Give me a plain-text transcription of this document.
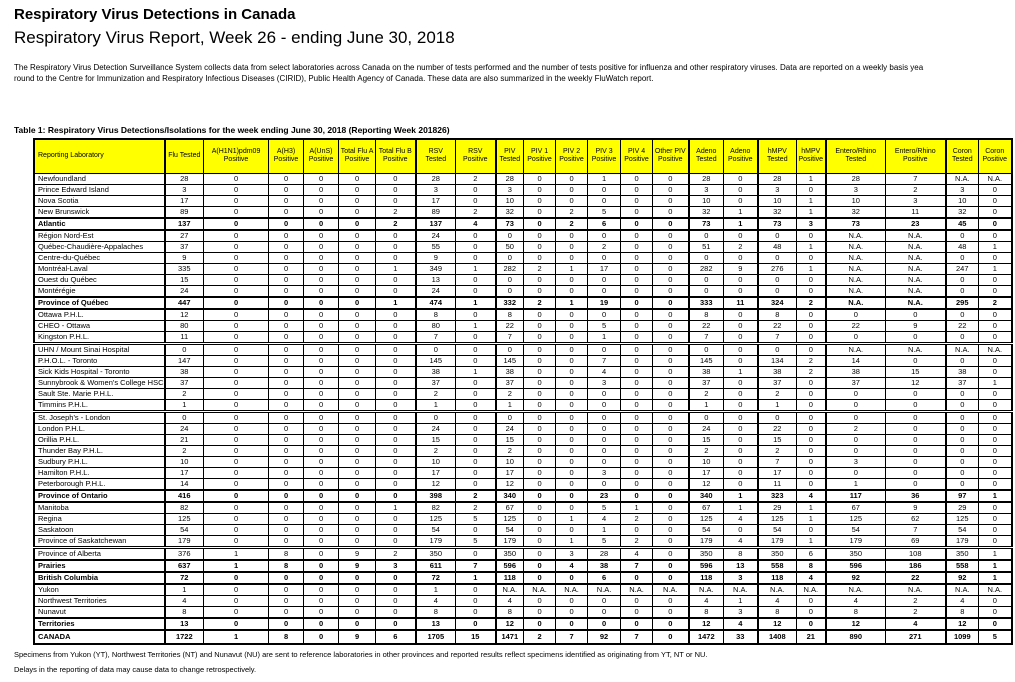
Respiratory Virus Detections in Canada
Respiratory Virus Report, Week 26 - ending June 30, 2018
The Respiratory Virus Detection Surveillance System collects data from select laboratories across Canada on the number of tests performed and the number of tests positive for influenza and other respiratory viruses. Data are reported on a weekly basis yea
round to the Centre for Immunization and Respiratory Infectious Diseases (CIRID), Public Health Agency of Canada. These data are also summarized in the weekly FluWatch report.
Table 1: Respiratory Virus Detections/Isolations for the week ending June 30, 2018 (Reporting Week 201826)
Reporting Laboratory	Flu Tested	A(H1N1)pdm09 Positive	A(H3) Positive	A(UnS) Positive	Total Flu A Positive	Total Flu B Positive	RSV Tested	RSV Positive	PIV Tested	PIV 1 Positive	PIV 2 Positive	PIV 3 Positive	PIV 4 Positive	Other PIV Positive	Adeno Tested	Adeno Positive	hMPV Tested	hMPV Positive	Entero/Rhino Tested	Entero/Rhino Positive	Coron Tested	Coron Positive
Newfoundland	28	0	0	0	0	0	28	2	28	0	0	1	0	0	28	0	28	1	28	7	N.A.	N.A.
Prince Edward Island	3	0	0	0	0	0	3	0	3	0	0	0	0	0	3	0	3	0	3	2	3	0
Nova Scotia	17	0	0	0	0	0	17	0	10	0	0	0	0	0	10	0	10	1	10	3	10	0
New Brunswick	89	0	0	0	0	2	89	2	32	0	2	5	0	0	32	1	32	1	32	11	32	0
Atlantic	137	0	0	0	0	2	137	4	73	0	2	6	0	0	73	1	73	3	73	23	45	0
Région Nord-Est	27	0	0	0	0	0	24	0	0	0	0	0	0	0	0	0	0	0	N.A.	N.A.	0	0
Québec-Chaudière-Appalaches	37	0	0	0	0	0	55	0	50	0	0	2	0	0	51	2	48	1	N.A.	N.A.	48	1
Centre-du-Québec	9	0	0	0	0	0	9	0	0	0	0	0	0	0	0	0	0	0	N.A.	N.A.	0	0
Montréal-Laval	335	0	0	0	0	1	349	1	282	2	1	17	0	0	282	9	276	1	N.A.	N.A.	247	1
Ouest du Québec	15	0	0	0	0	0	13	0	0	0	0	0	0	0	0	0	0	0	N.A.	N.A.	0	0
Montérégie	24	0	0	0	0	0	24	0	0	0	0	0	0	0	0	0	0	0	N.A.	N.A.	0	0
Province of Québec	447	0	0	0	0	1	474	1	332	2	1	19	0	0	333	11	324	2	N.A.	N.A.	295	2
Ottawa P.H.L.	12	0	0	0	0	0	8	0	8	0	0	0	0	0	8	0	8	0	0	0	0	0
CHEO - Ottawa	80	0	0	0	0	0	80	1	22	0	0	5	0	0	22	0	22	0	22	9	22	0
Kingston P.H.L.	11	0	0	0	0	0	7	0	7	0	0	1	0	0	7	0	7	0	0	0	0	0
UHN / Mount Sinai Hospital	0	0	0	0	0	0	0	0	0	0	0	0	0	0	0	0	0	0	N.A.	N.A.	N.A.	N.A.
P.H.O.L. - Toronto	147	0	0	0	0	0	145	0	145	0	0	7	0	0	145	0	134	2	14	0	0	0
Sick Kids Hospital - Toronto	38	0	0	0	0	0	38	1	38	0	0	4	0	0	38	1	38	2	38	15	38	0
Sunnybrook & Women's College HSC	37	0	0	0	0	0	37	0	37	0	0	3	0	0	37	0	37	0	37	12	37	1
Sault Ste. Marie P.H.L.	2	0	0	0	0	0	2	0	2	0	0	0	0	0	2	0	2	0	0	0	0	0
Timmins P.H.L.	1	0	0	0	0	0	1	0	1	0	0	0	0	0	1	0	1	0	0	0	0	0
St. Joseph's - London	0	0	0	0	0	0	0	0	0	0	0	0	0	0	0	0	0	0	0	0	0	0
London P.H.L.	24	0	0	0	0	0	24	0	24	0	0	0	0	0	24	0	22	0	2	0	0	0
Orillia P.H.L.	21	0	0	0	0	0	15	0	15	0	0	0	0	0	15	0	15	0	0	0	0	0
Thunder Bay P.H.L.	2	0	0	0	0	0	2	0	2	0	0	0	0	0	2	0	2	0	0	0	0	0
Sudbury P.H.L.	10	0	0	0	0	0	10	0	10	0	0	0	0	0	10	0	7	0	3	0	0	0
Hamilton P.H.L.	17	0	0	0	0	0	17	0	17	0	0	3	0	0	17	0	17	0	0	0	0	0
Peterborough P.H.L.	14	0	0	0	0	0	12	0	12	0	0	0	0	0	12	0	11	0	1	0	0	0
Province of Ontario	416	0	0	0	0	0	398	2	340	0	0	23	0	0	340	1	323	4	117	36	97	1
Manitoba	82	0	0	0	0	1	82	2	67	0	0	5	1	0	67	1	29	1	67	9	29	0
Regina	125	0	0	0	0	0	125	5	125	0	1	4	2	0	125	4	125	1	125	62	125	0
Saskatoon	54	0	0	0	0	0	54	0	54	0	0	1	0	0	54	0	54	0	54	7	54	0
Province of Saskatchewan	179	0	0	0	0	0	179	5	179	0	1	5	2	0	179	4	179	1	179	69	179	0
Province of Alberta	376	1	8	0	9	2	350	0	350	0	3	28	4	0	350	8	350	6	350	108	350	1
Prairies	637	1	8	0	9	3	611	7	596	0	4	38	7	0	596	13	558	8	596	186	558	1
British Columbia	72	0	0	0	0	0	72	1	118	0	0	6	0	0	118	3	118	4	92	22	92	1
Yukon	1	0	0	0	0	0	1	0	N.A.	N.A.	N.A.	N.A.	N.A.	N.A.	N.A.	N.A.	N.A.	N.A.	N.A.	N.A.	N.A.	N.A.
Northwest Territories	4	0	0	0	0	0	4	0	4	0	0	0	0	0	4	1	4	0	4	2	4	0
Nunavut	8	0	0	0	0	0	8	0	8	0	0	0	0	0	8	3	8	0	8	2	8	0
Territories	13	0	0	0	0	0	13	0	12	0	0	0	0	0	12	4	12	0	12	4	12	0
CANADA	1722	1	8	0	9	6	1705	15	1471	2	7	92	7	0	1472	33	1408	21	890	271	1099	5
Specimens from Yukon (YT), Northwest Territories (NT) and Nunavut (NU) are sent to reference laboratories in other provinces and reported results reflect specimens identified as originating from YT, NT or NU.
Delays in the reporting of data may cause data to change retrospectively.
